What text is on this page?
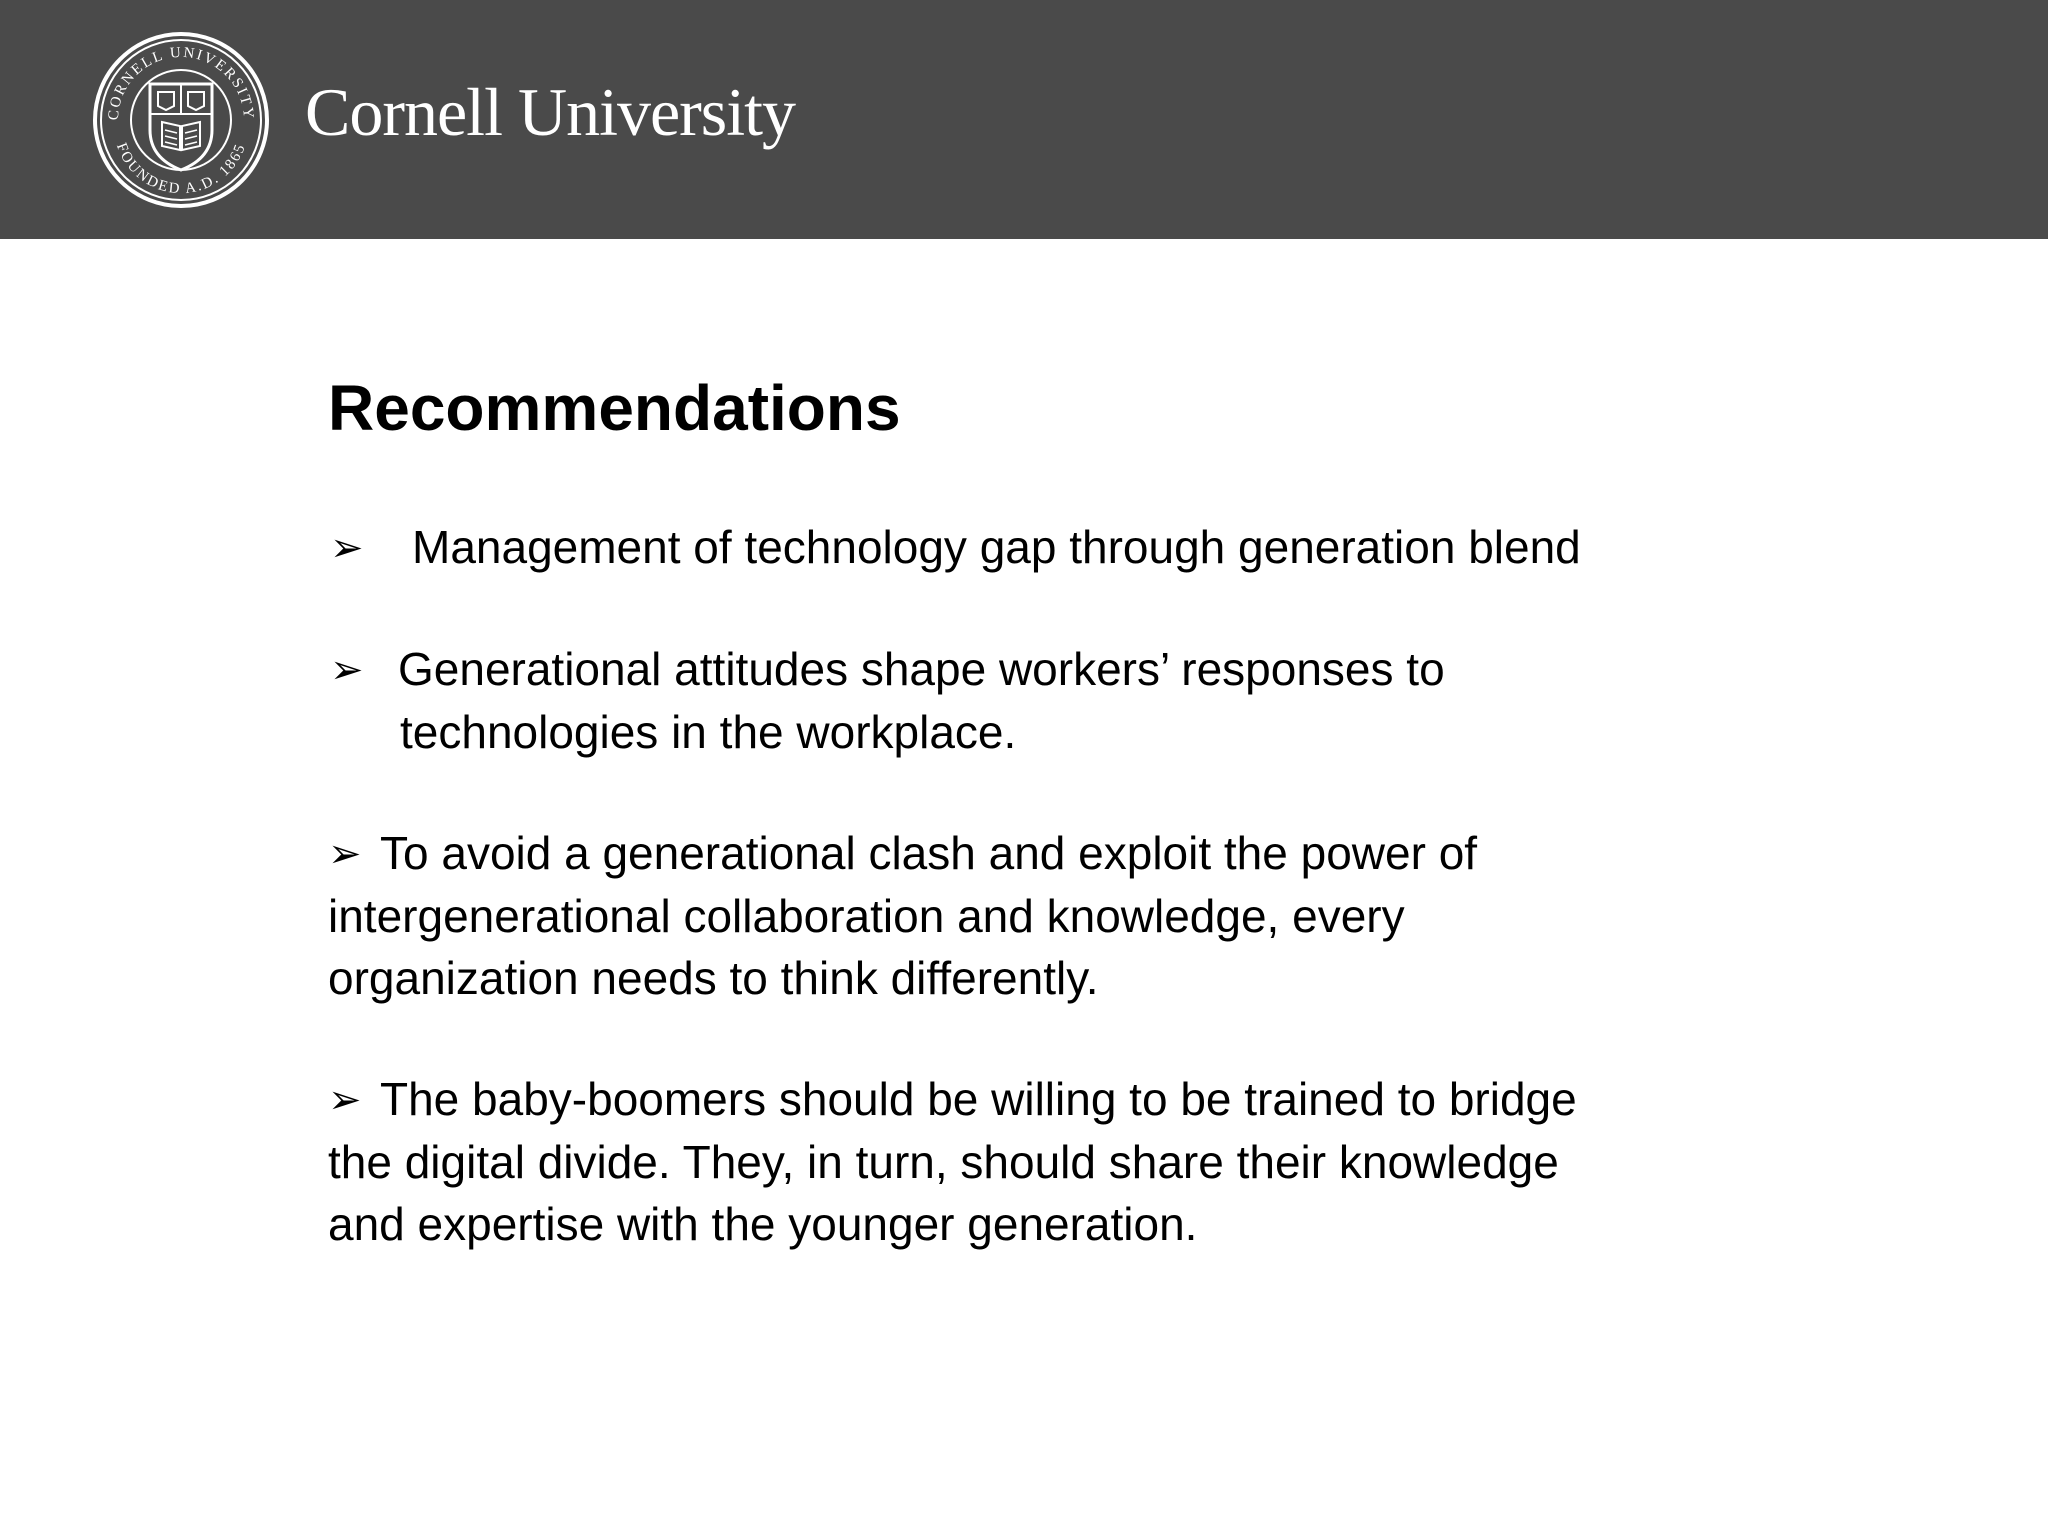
CORNELL UNIVERSITY
FOUNDED A.D. 1865 Cornell University
Recommendations
➢ Management of technology gap through generation blend
➢ Generational attitudes shape workers’ responses to
technologies in the workplace.
➢ To avoid a generational clash and exploit the power of
intergenerational collaboration and knowledge, every
organization needs to think differently.
➢ The baby-boomers should be willing to be trained to bridge
the digital divide. They, in turn, should share their knowledge
and expertise with the younger generation.
